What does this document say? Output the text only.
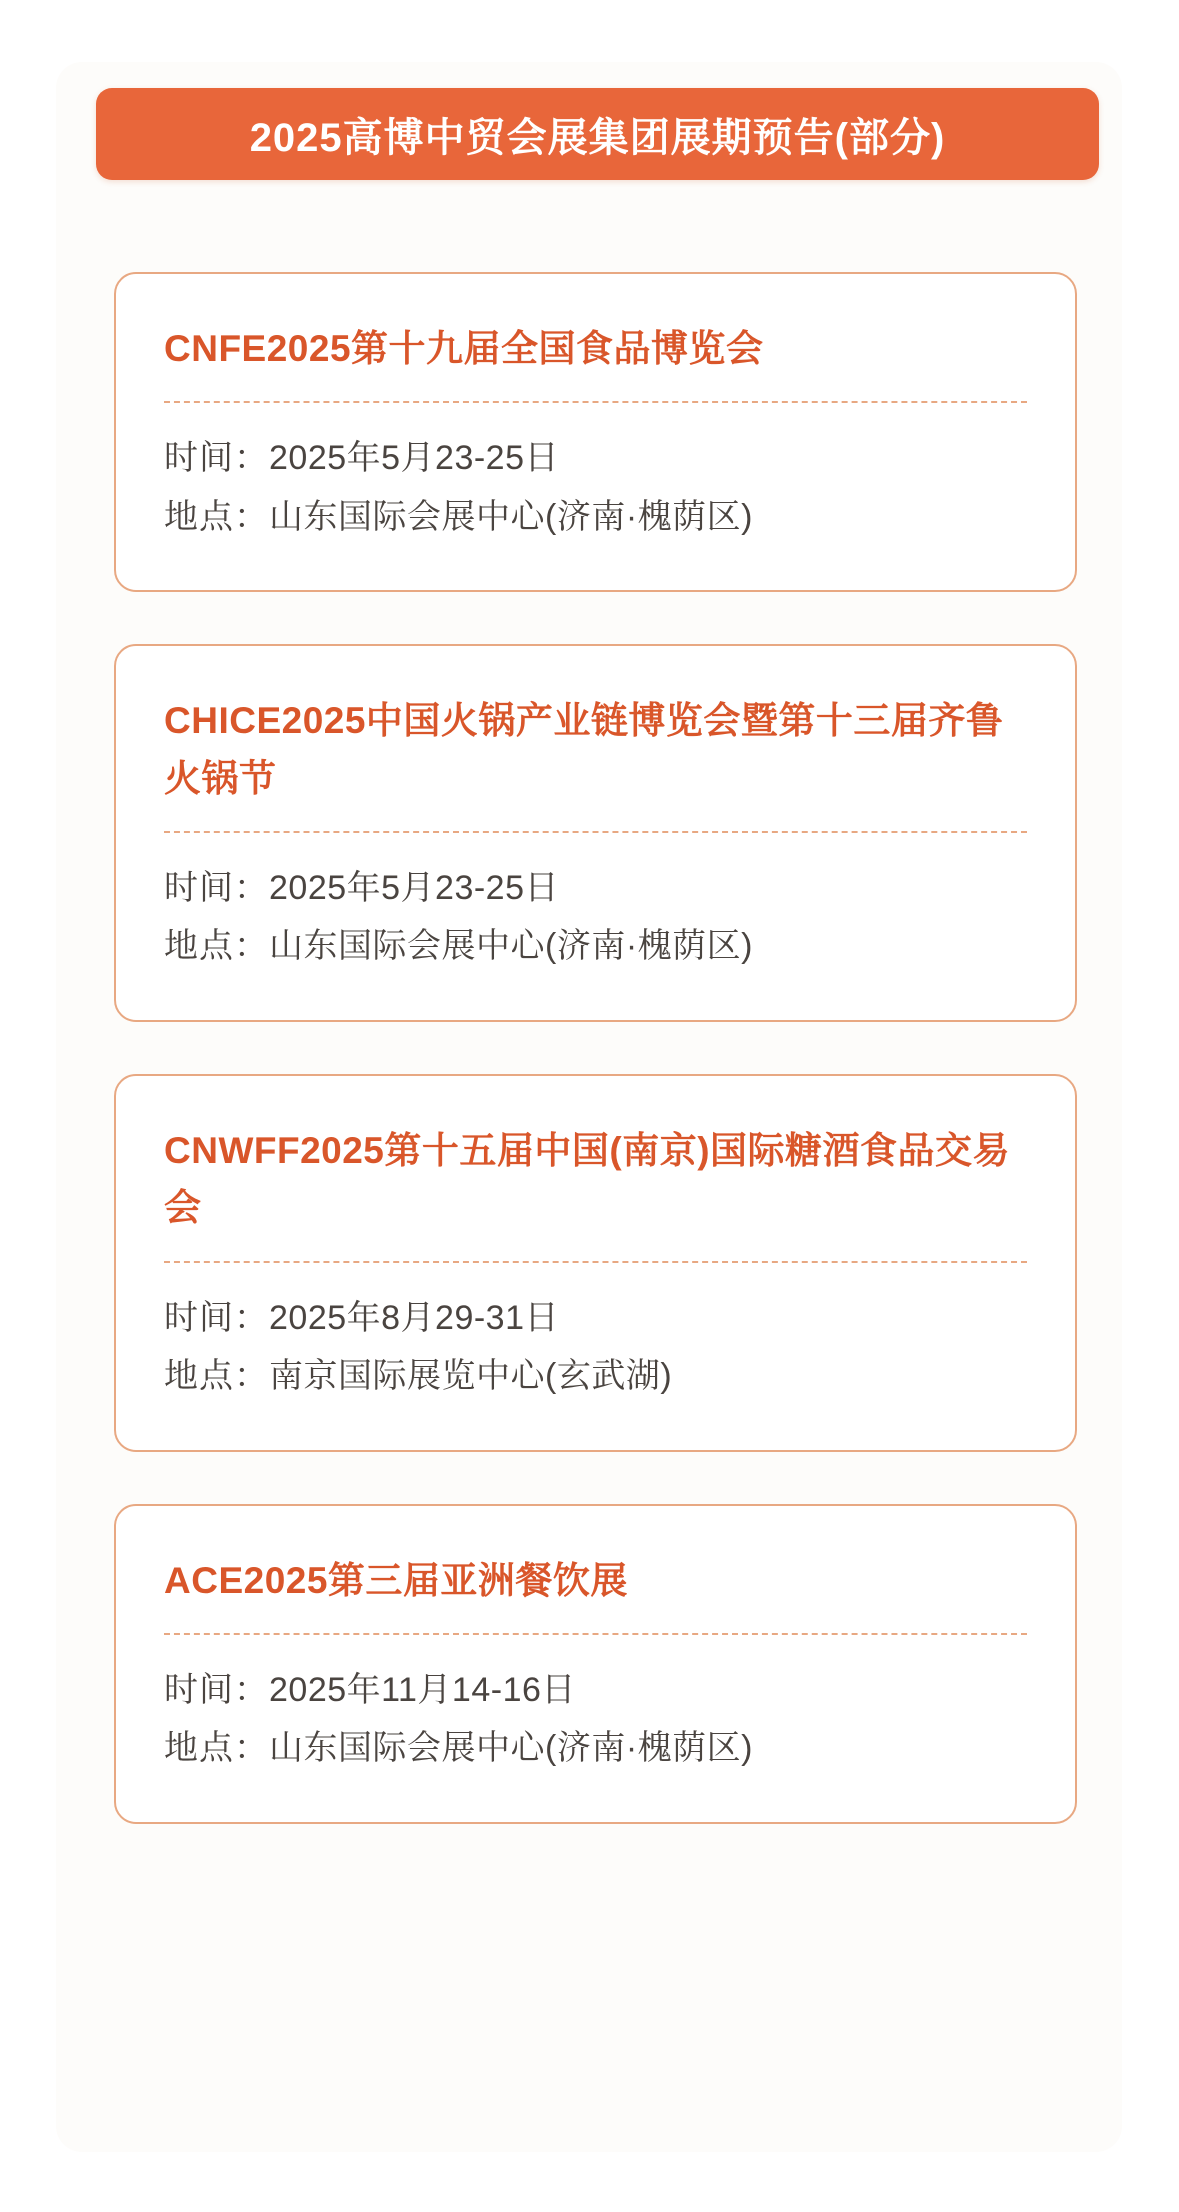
2025高博中贸会展集团展期预告(部分)
CNFE2025第十九届全国食品博览会
时间： 2025年5月23-25日
地点： 山东国际会展中心(济南·槐荫区)
CHICE2025中国火锅产业链博览会暨第十三届齐鲁火锅节
时间： 2025年5月23-25日
地点： 山东国际会展中心(济南·槐荫区)
CNWFF2025第十五届中国(南京)国际糖酒食品交易会
时间： 2025年8月29-31日
地点： 南京国际展览中心(玄武湖)
ACE2025第三届亚洲餐饮展
时间： 2025年11月14-16日
地点： 山东国际会展中心(济南·槐荫区)
